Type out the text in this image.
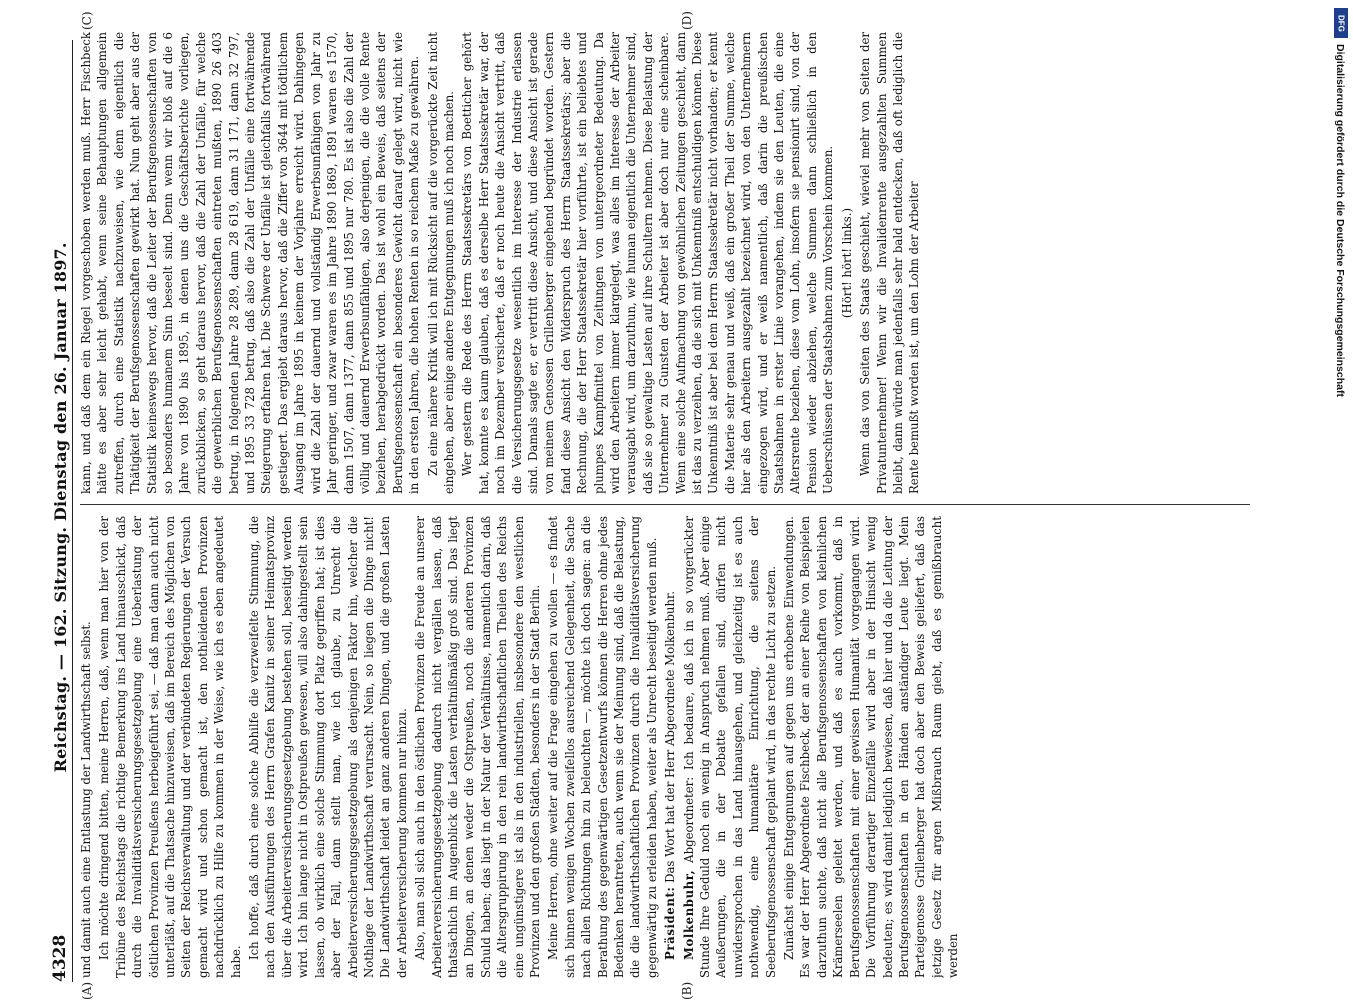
4328
Reichstag. — 162. Sitzung. Dienstag den 26. Januar 1897.
(A)	(B)
(C)	(D)

und damit auch eine Entlastung der Landwirthschaft selbst. Ich möchte dringend bitten, meine Herren, daß, wenn man hier von der Tribüne des Reichstags die richtige Bemerkung ins Land hinausschickt, daß durch die Invaliditätsversicherungsgesetzgebung eine Ueberlastung der östlichen Provinzen Preußens herbeigeführt sei, — daß man dann auch nicht unterläßt, auf die Thatsache hinzuweisen, daß im Bereich des Möglichen von Seiten der Reichsverwaltung und der verbündeten Regierungen der Versuch gemacht wird und schon gemacht ist, den nothleidenden Provinzen nachdrücklich zu Hilfe zu kommen in der Weise, wie ich es eben angedeutet habe.

Ich hoffe, daß durch eine solche Abhilfe die verzweifelte Stimmung, die nach den Ausführungen des Herrn Grafen Kanitz in seiner Heimatsprovinz über die Arbeiterversicherungsgesetzgebung bestehen soll, beseitigt werden wird. Ich bin lange nicht in Ostpreußen gewesen, will also dahingestellt sein lassen, ob wirklich eine solche Stimmung dort Platz gegriffen hat; ist dies aber der Fall, dann stellt man, wie ich glaube, zu Unrecht die Arbeiterversicherungsgesetzgebung als denjenigen Faktor hin, welcher die Nothlage der Landwirthschaft verursacht. Nein, so liegen die Dinge nicht! Die Landwirthschaft leidet an ganz anderen Dingen, und die großen Lasten der Arbeiterversicherung kommen nur hinzu. Also, man soll sich auch in den östlichen Provinzen die Freude an unserer Arbeiterversicherungsgesetzgebung dadurch nicht vergällen lassen, daß thatsächlich im Augenblick die Lasten verhältnißmäßig groß sind. Das liegt an Dingen, an denen weder die Ostpreußen, noch die anderen Provinzen Schuld haben; das liegt in der Natur der Verhältnisse, namentlich darin, daß die Altersgruppirung in den rein landwirthschaftlichen Theilen des Reichs eine ungünstigere ist als in den industriellen, insbesondere den westlichen Provinzen und den großen Städten, besonders in der Stadt Berlin. Meine Herren, ohne weiter auf die Frage eingehen zu wollen — es findet sich binnen wenigen Wochen zweifellos ausreichend Gelegenheit, die Sache nach allen Richtungen hin zu beleuchten —, möchte ich doch sagen: an die Berathung des gegenwärtigen Gesetzentwurfs können die Herren ohne jedes Bedenken herantreten, auch wenn sie der Meinung sind, daß die Belastung, die die landwirthschaftlichen Provinzen durch die Invaliditätsversicherung gegenwärtig zu erleiden haben, weiter als Unrecht beseitigt werden muß. Präsident: Das Wort hat der Herr Abgeordnete Molkenbuhr.

Molkenbuhr, Abgeordneter: Ich bedaure, daß ich in so vorgerückter Stunde Ihre Geduld noch ein wenig in Anspruch nehmen muß. Aber einige Aeußerungen, die in der Debatte gefallen sind, dürfen nicht unwidersprochen in das Land hinausgehen, und gleichzeitig ist es auch nothwendig, eine humanitäre Einrichtung, die seitens der Seeberufsgenossenschaft geplant wird, in das rechte Licht zu setzen. Zunächst einige Entgegnungen auf gegen uns erhobene Einwendungen. Es war der Herr Abgeordnete Fischbeck, der an einer Reihe von Beispielen darzuthun suchte, daß nicht alle Berufsgenossenschaften von kleinlichen Krämerseelen geleitet werden, und daß es auch vorkommt, daß in Berufsgenossenschaften mit einer gewissen Humanität vorgegangen wird. Die Vorführung derartiger Einzelfälle wird aber in der Hinsicht wenig bedeuten; es wird damit lediglich bewiesen, daß hier und da die Leitung der Berufsgenossenschaften in den Händen anständiger Leute liegt. Mein Parteigenosse Grillenberger hat doch aber den Beweis geliefert, daß das jetzige Gesetz für argen Mißbrauch Raum giebt, daß es gemißbraucht werden

kann, und daß dem ein Riegel vorgeschoben werden muß. Herr Fischbeck hätte es aber sehr leicht gehabt, wenn seine Behauptungen allgemein zutreffen, durch eine Statistik nachzuweisen, wie denn eigentlich die Thätigkeit der Berufsgenossenschaften gewirkt hat. Nun geht aber aus der Statistik keineswegs hervor, daß die Leiter der Berufsgenossenschaften von so besonders humanem Sinn beseelt sind. Denn wenn wir bloß auf die 6 Jahre von 1890 bis 1895, in denen uns die Geschäftsberichte vorliegen, zurückblicken, so geht daraus hervor, daß die Zahl der Unfälle, für welche die gewerblichen Berufsgenossenschaften eintreten mußten, 1890 26 403 betrug, in folgenden Jahre 28 289, dann 28 619, dann 31 171, dann 32 797, und 1895 33 728 betrug, daß also die Zahl der Unfälle eine fortwährende Steigerung erfahren hat. Die Schwere der Unfälle ist gleichfalls fortwährend gestiegert. Das ergiebt daraus hervor, daß die Ziffer von 3644 mit tödtlichem Ausgang im Jahre 1895 in keinem der Vorjahre erreicht wird. Dahingegen wird die Zahl der dauernd und vollständig Erwerbsunfähigen von Jahr zu Jahr geringer, und zwar waren es im Jahre 1890 1869, 1891 waren es 1570, dann 1507, dann 1377, dann 855 und 1895 nur 780. Es ist also die Zahl der völlig und dauernd Erwerbsunfähigen, also derjenigen, die die volle Rente beziehen, herabgedrückt worden. Das ist wohl ein Beweis, daß seitens der Berufsgenossenschaft ein besonderes Gewicht darauf gelegt wird, nicht wie in den ersten Jahren, die hohen Renten in so reichem Maße zu gewähren. Zu eine nähere Kritik will ich mit Rücksicht auf die vorgerückte Zeit nicht eingehen, aber einige andere Entgegnungen muß ich noch machen. Wer gestern die Rede des Herrn Staatssekretärs von Boetticher gehört hat, konnte es kaum glauben, daß es derselbe Herr Staatssekretär war, der noch im Dezember versicherte, daß er noch heute die Ansicht vertritt, daß die Versicherungsgesetze wesentlich im Interesse der Industrie erlassen sind. Damals sagte er, er vertritt diese Ansicht, und diese Ansicht ist gerade von meinem Genossen Grillenberger eingehend begründet worden. Gestern fand diese Ansicht den Widerspruch des Herrn Staatssekretärs; aber die Rechnung, die der Herr Staatssekretär hier vorführte, ist ein beliebtes und plumpes Kampfmittel von Zeitungen von untergeordneter Bedeutung. Da wird den Arbeitern immer klargelegt, was alles im Interesse der Arbeiter verausgabt wird, um darzuthun, wie human eigentlich die Unternehmer sind, daß sie so gewaltige Lasten auf ihre Schultern nehmen. Diese Belastung der Unternehmer zu Gunsten der Arbeiter ist aber doch nur eine scheinbare. Wenn eine solche Aufmachung von gewöhnlichen Zeitungen geschieht, dann ist das zu verzeihen, da die sich mit Unkenntniß entschuldigen können. Diese Unkenntniß ist aber bei dem Herrn Staatssekretär nicht vorhanden; er kennt die Materie sehr genau und weiß, daß ein großer Theil der Summe, welche hier als den Arbeitern ausgezahlt bezeichnet wird, von den Unternehmern eingezogen wird, und er weiß namentlich, daß darin die preußischen Staatsbahnen in erster Linie vorangehen, indem sie den Leuten, die eine Altersrente beziehen, diese vom Lohn, insofern sie pensionirt sind, von der Pension wieder abziehen, welche Summen dann schließlich in den Ueberschüssen der Staatsbahnen zum Vorschein kommen. (Hört! hört! links.) Wenn das von Seiten des Staats geschieht, wieviel mehr von Seiten der Privatunternehmer! Wenn wir die Invalidenrente ausgezahlten Summen bleibt, dann würde man jedenfalls sehr bald entdecken, daß oft lediglich die Rente bemußt worden ist, um den Lohn der Arbeiter

DFG
Digitalisierung gefördert durch die Deutsche Forschungsgemeinschaft
